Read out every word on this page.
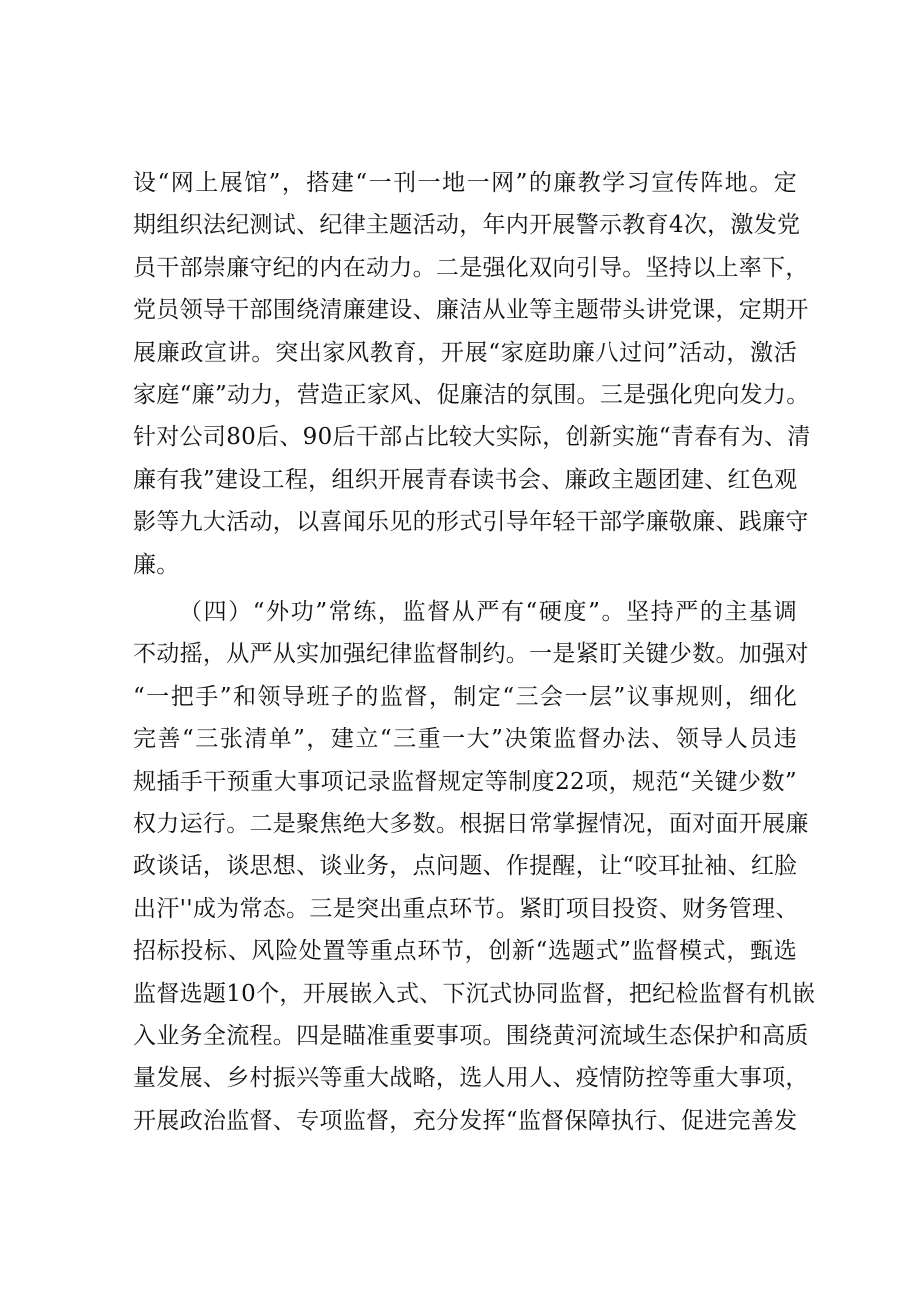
设“网上展馆”，搭建“一刊一地一网”的廉教学习宣传阵地。定
期组织法纪测试、纪律主题活动，年内开展警示教育4次，激发党
员干部崇廉守纪的内在动力。二是强化双向引导。坚持以上率下，
党员领导干部围绕清廉建设、廉洁从业等主题带头讲党课，定期开
展廉政宣讲。突出家风教育，开展“家庭助廉八过问”活动，激活
家庭“廉”动力，营造正家风、促廉洁的氛围。三是强化兜向发力。
针对公司80后、90后干部占比较大实际，创新实施“青春有为、清
廉有我”建设工程，组织开展青春读书会、廉政主题团建、红色观
影等九大活动，以喜闻乐见的形式引导年轻干部学廉敬廉、践廉守
廉。
（四）“外功”常练，监督从严有“硬度”。坚持严的主基调
不动摇，从严从实加强纪律监督制约。一是紧盯关键少数。加强对
“一把手”和领导班子的监督，制定“三会一层”议事规则，细化
完善“三张清单”，建立“三重一大”决策监督办法、领导人员违
规插手干预重大事项记录监督规定等制度22项，规范“关键少数”
权力运行。二是聚焦绝大多数。根据日常掌握情况，面对面开展廉
政谈话，谈思想、谈业务，点问题、作提醒，让“咬耳扯袖、红脸
出汗''成为常态。三是突出重点环节。紧盯项目投资、财务管理、
招标投标、风险处置等重点环节，创新“选题式”监督模式，甄选
监督选题10个，开展嵌入式、下沉式协同监督，把纪检监督有机嵌
入业务全流程。四是瞄准重要事项。围绕黄河流域生态保护和高质
量发展、乡村振兴等重大战略，选人用人、疫情防控等重大事项，
开展政治监督、专项监督，充分发挥“监督保障执行、促进完善发
